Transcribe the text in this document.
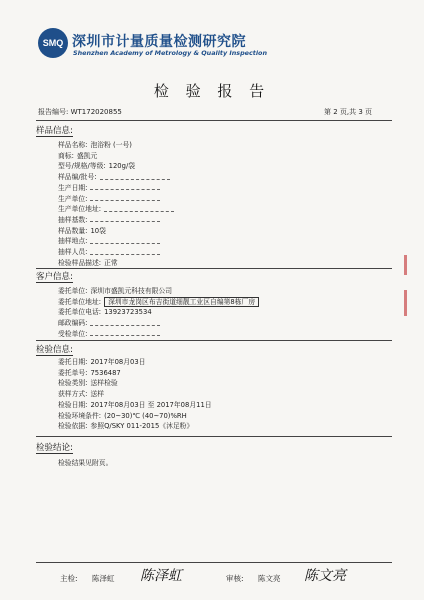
SMQ 深圳市计量质量检测研究院
Shenzhen Academy of Metrology & Quality Inspection
检 验 报 告
报告编号: WT172020855	第 2 页,共 3 页
样品信息:
样品名称: 泡浴粉 (一号)
商标: 盛凯元
型号/规格/等级: 120g/袋
样品编/批号:
生产日期:
生产单位:
生产单位地址:
抽样基数:
样品数量: 10袋
抽样地点:
抽样人员:
检验样品描述: 正常
客户信息:
委托单位: 深圳市盛凯元科技有限公司
委托单位地址: 深圳市龙岗区布吉街道细靓工业区自编第8栋厂房
委托单位电话: 13923723534
邮政编码:
受检单位:
检验信息:
委托日期: 2017年08月03日
委托单号: 7536487
检验类别: 送样检验
获样方式: 送样
检验日期: 2017年08月03日 至 2017年08月11日
检验环境条件: (20~30)℃ (40~70)%RH
检验依据: 参照Q/SKY 011-2015《沐足粉》
检验结论:
检验结果见附页。
主检: 陈泽虹 陈泽虹	审核: 陈文亮 陈文亮
